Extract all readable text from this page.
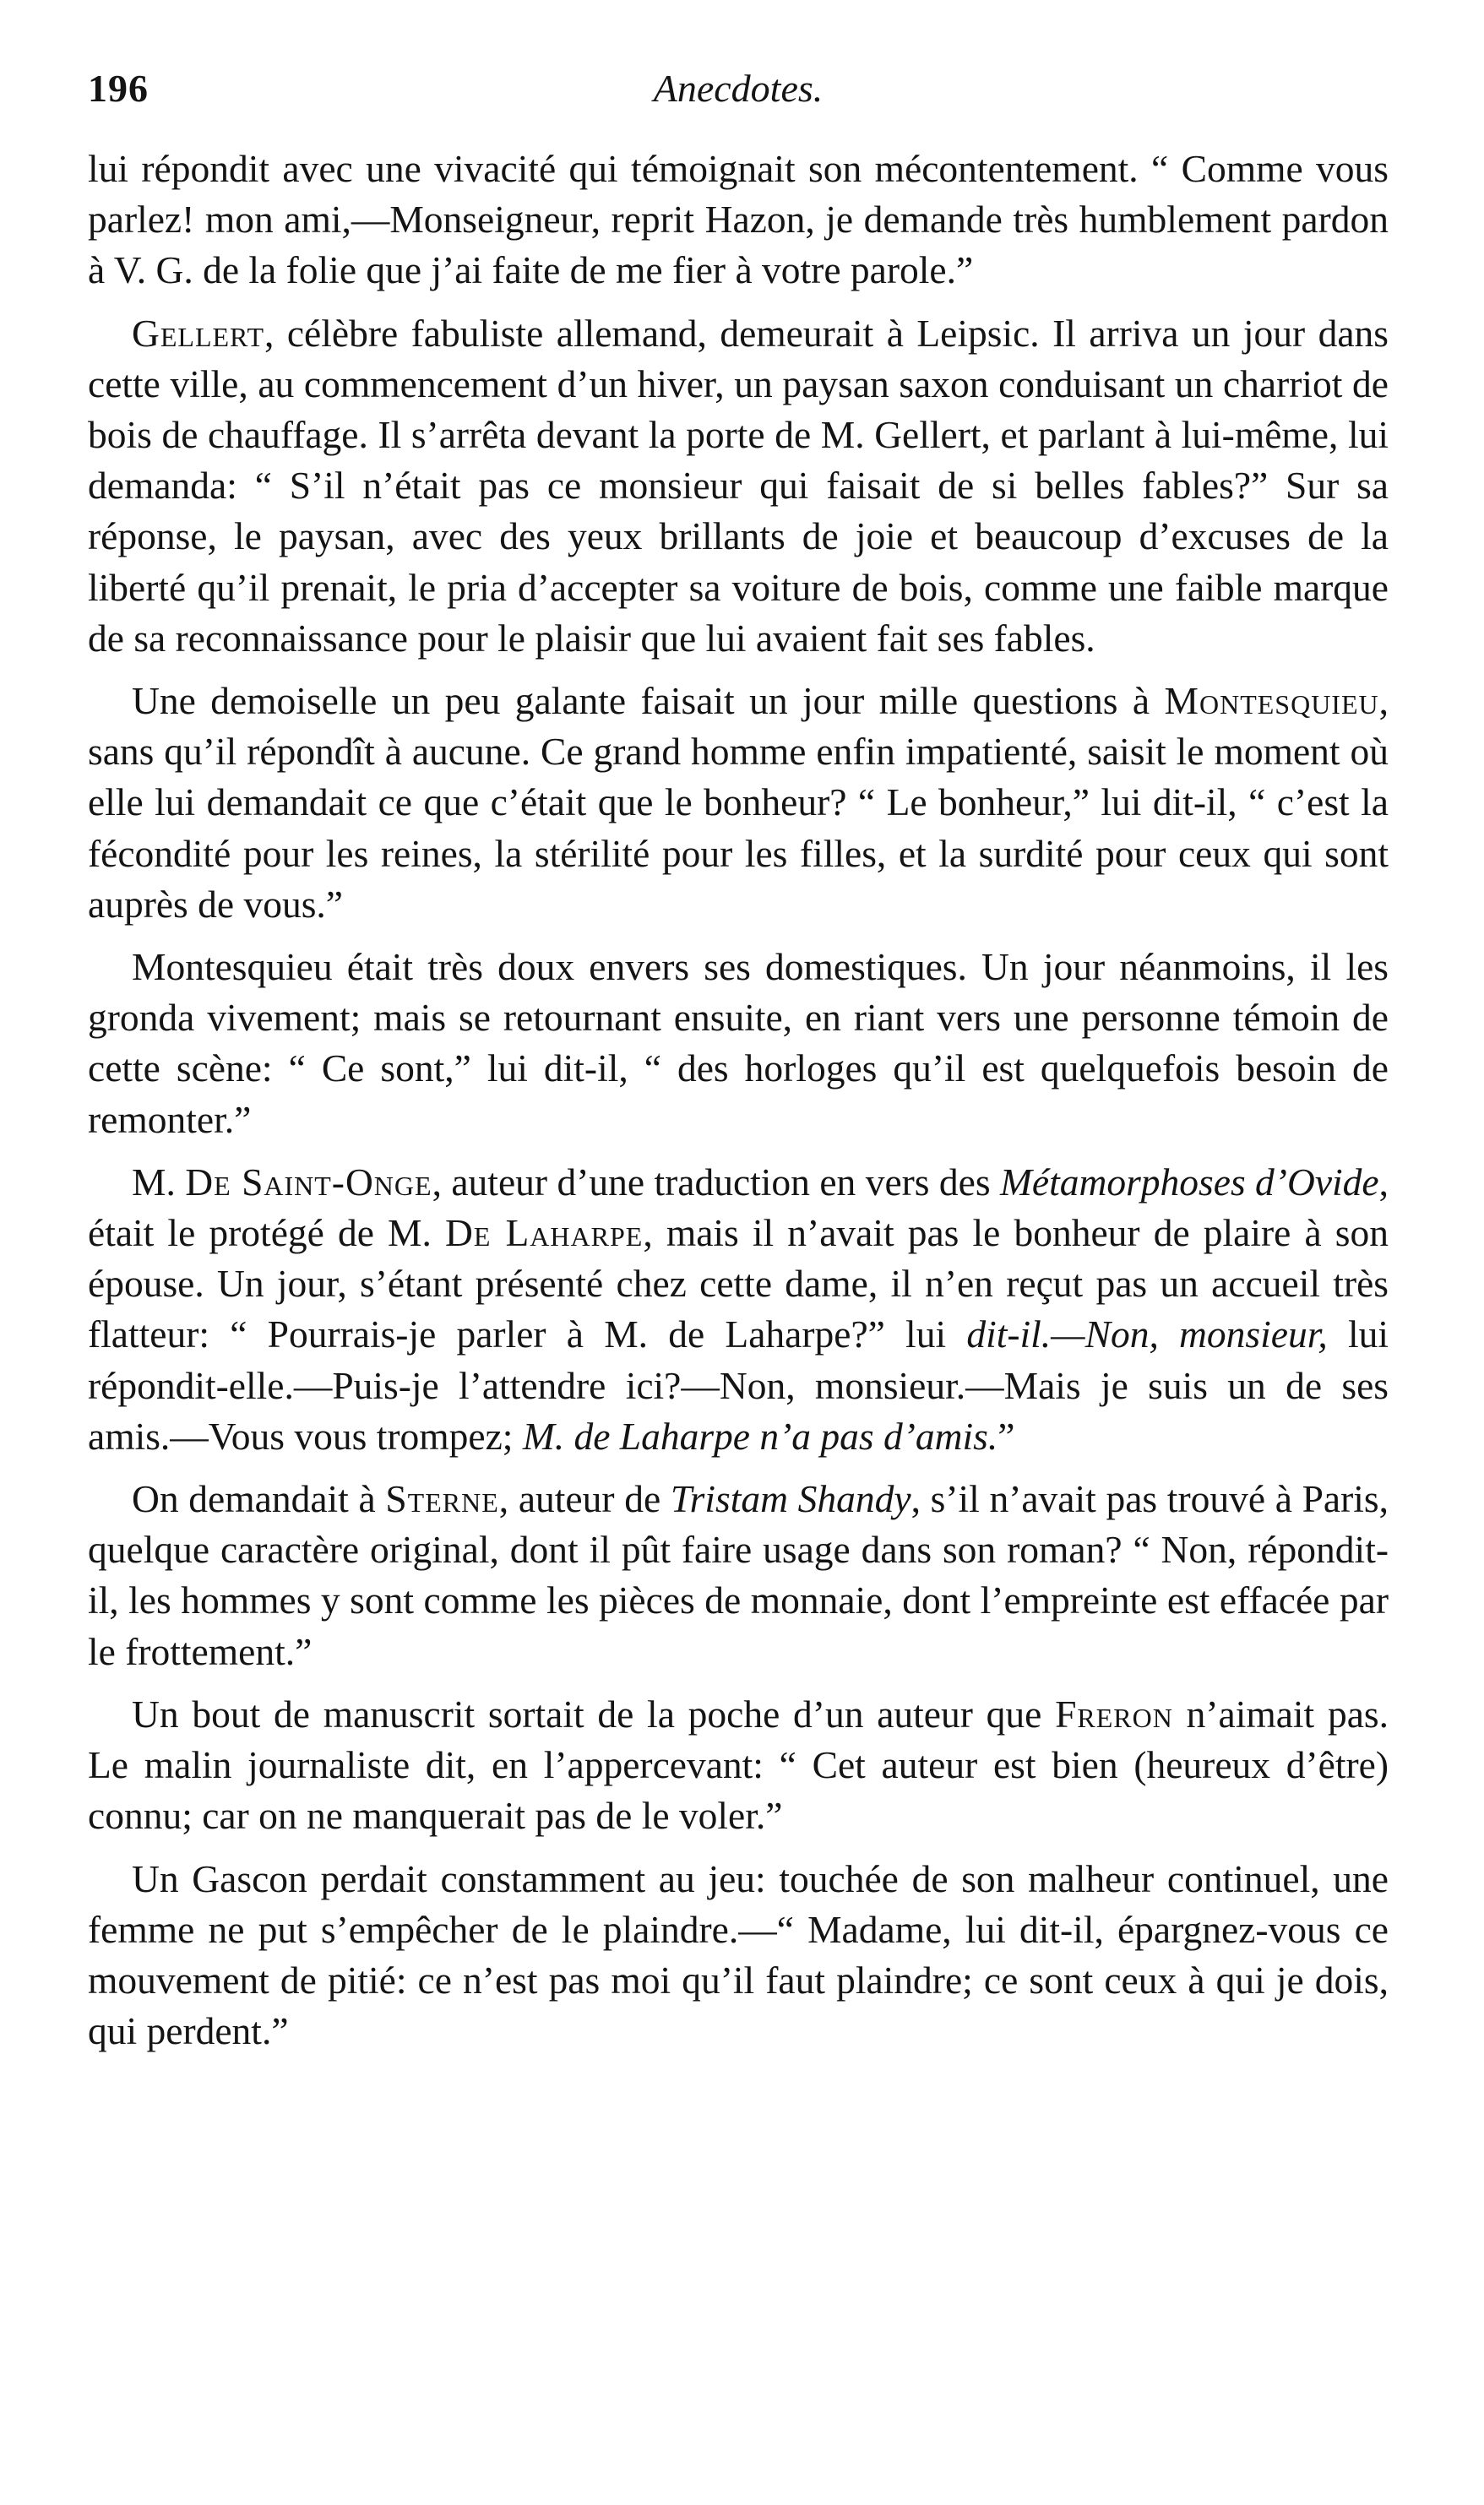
196	Anecdotes.

lui répondit avec une vivacité qui témoignait son mécontentement. “ Comme vous parlez! mon ami,—Monseigneur, reprit Hazon, je demande très humblement pardon à V. G. de la folie que j’ai faite de me fier à votre parole.”

Gellert, célèbre fabuliste allemand, demeurait à Leipsic. Il arriva un jour dans cette ville, au commencement d’un hiver, un paysan saxon conduisant un charriot de bois de chauffage. Il s’arrêta devant la porte de M. Gellert, et parlant à lui-même, lui demanda: “ S’il n’était pas ce monsieur qui faisait de si belles fables?” Sur sa réponse, le paysan, avec des yeux brillants de joie et beaucoup d’excuses de la liberté qu’il prenait, le pria d’accepter sa voiture de bois, comme une faible marque de sa reconnaissance pour le plaisir que lui avaient fait ses fables.

Une demoiselle un peu galante faisait un jour mille questions à Montesquieu, sans qu’il répondît à aucune. Ce grand homme enfin impatienté, saisit le moment où elle lui demandait ce que c’était que le bonheur? “ Le bonheur,” lui dit-il, “ c’est la fécondité pour les reines, la stérilité pour les filles, et la surdité pour ceux qui sont auprès de vous.”

Montesquieu était très doux envers ses domestiques. Un jour néanmoins, il les gronda vivement; mais se retournant ensuite, en riant vers une personne témoin de cette scène: “ Ce sont,” lui dit-il, “ des horloges qu’il est quelquefois besoin de remonter.”

M. De Saint-Onge, auteur d’une traduction en vers des Métamorphoses d’Ovide, était le protégé de M. De Laharpe, mais il n’avait pas le bonheur de plaire à son épouse. Un jour, s’étant présenté chez cette dame, il n’en reçut pas un accueil très flatteur: “ Pourrais-je parler à M. de Laharpe?” lui dit-il.—Non, monsieur, lui répondit-elle.—Puis-je l’attendre ici?—Non, monsieur.—Mais je suis un de ses amis.—Vous vous trompez; M. de Laharpe n’a pas d’amis.”

On demandait à Sterne, auteur de Tristam Shandy, s’il n’avait pas trouvé à Paris, quelque caractère original, dont il pût faire usage dans son roman? “ Non, répondit-il, les hommes y sont comme les pièces de monnaie, dont l’empreinte est effacée par le frottement.”

Un bout de manuscrit sortait de la poche d’un auteur que Freron n’aimait pas. Le malin journaliste dit, en l’appercevant: “ Cet auteur est bien (heureux d’être) connu; car on ne manquerait pas de le voler.”

Un Gascon perdait constamment au jeu: touchée de son malheur continuel, une femme ne put s’empêcher de le plaindre.—“ Madame, lui dit-il, épargnez-vous ce mouvement de pitié: ce n’est pas moi qu’il faut plaindre; ce sont ceux à qui je dois, qui perdent.”
